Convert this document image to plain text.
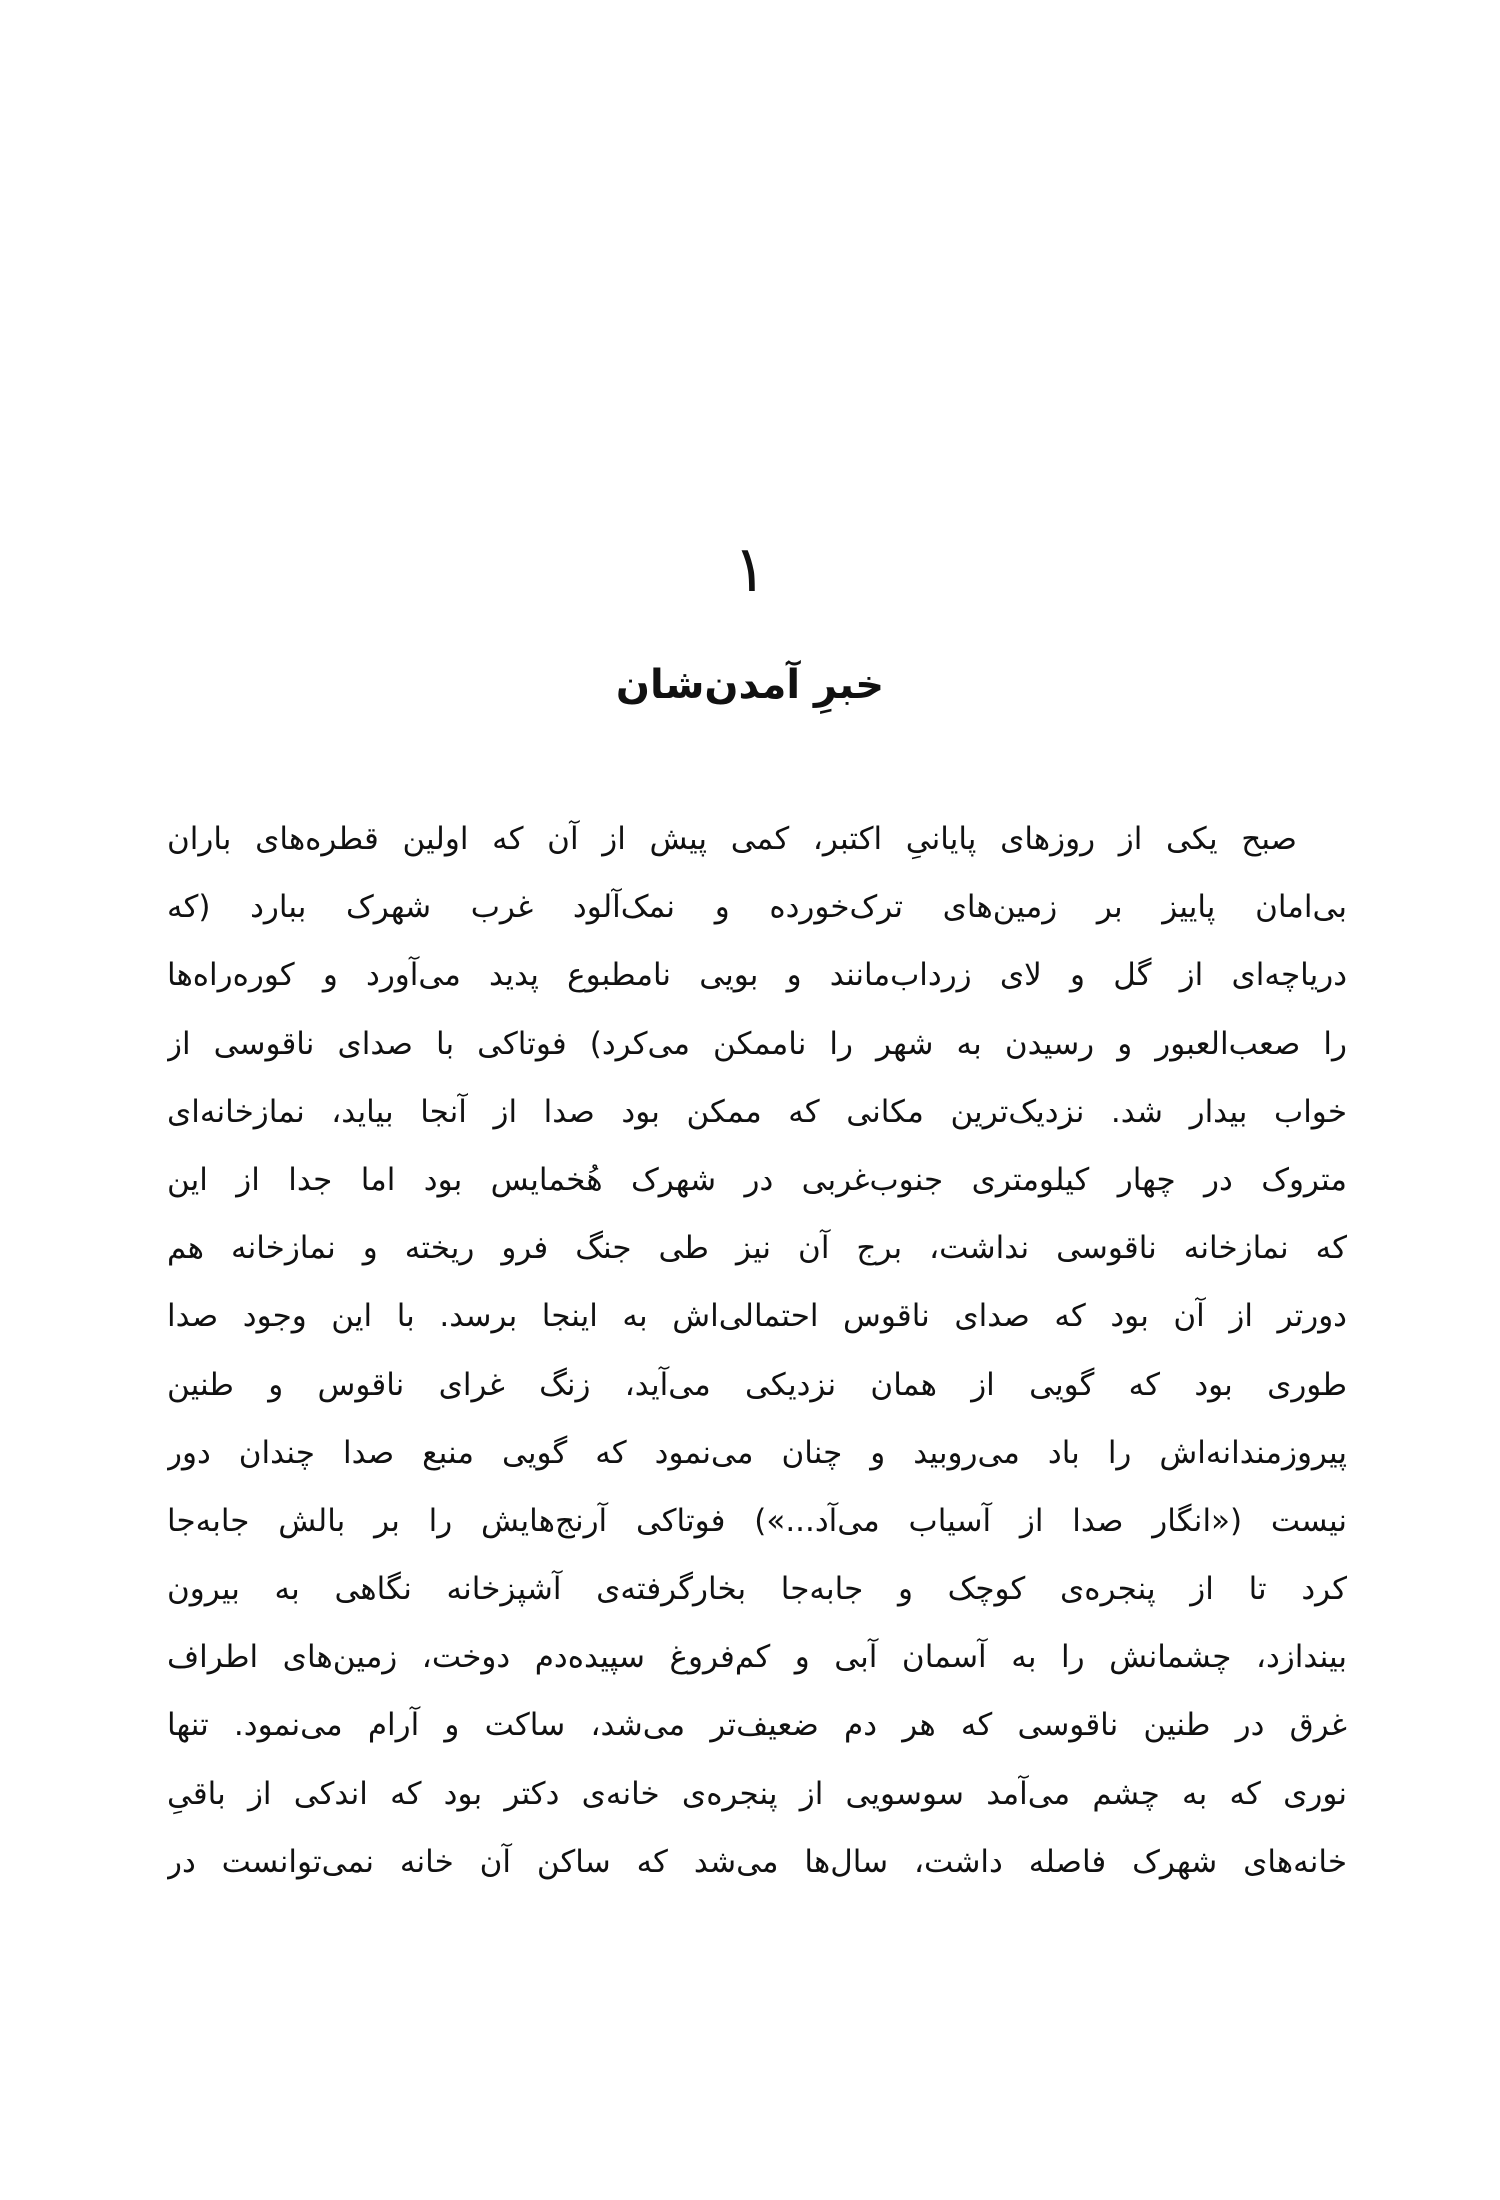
۱
خبرِ آمدن‌شان
صبح یکی از روزهای پایانیِ اکتبر، کمی پیش از آن که اولین قطره‌های باران
بی‌امان پاییز بر زمین‌های ترک‌خورده و نمک‌آلود غرب شهرک ببارد (که
دریاچه‌ای از گل و لای زرداب‌مانند و بویی نامطبوع پدید می‌آورد و کوره‌راه‌ها
را صعب‌العبور و رسیدن به شهر را ناممکن می‌کرد) فوتاکی با صدای ناقوسی از
خواب بیدار شد. نزدیک‌ترین مکانی که ممکن بود صدا از آنجا بیاید، نمازخانه‌ای
متروک در چهار کیلومتری جنوب‌غربی در شهرک هُخمایس بود اما جدا از این
که نمازخانه ناقوسی نداشت، برج آن نیز طی جنگ فرو ریخته و نمازخانه هم
دورتر از آن بود که صدای ناقوس احتمالی‌اش به اینجا برسد. با این وجود صدا
طوری بود که گویی از همان نزدیکی می‌آید، زنگ غرای ناقوس و طنین
پیروزمندانه‌اش را باد می‌روبید و چنان می‌نمود که گویی منبع صدا چندان دور
نیست («انگار صدا از آسیاب می‌آد...») فوتاکی آرنج‌هایش را بر بالش جابه‌جا
کرد تا از پنجره‌ی کوچک و جابه‌جا بخارگرفته‌ی آشپزخانه نگاهی به بیرون
بیندازد، چشمانش را به آسمان آبی و کم‌فروغ سپیده‌دم دوخت، زمین‌های اطراف
غرق در طنین ناقوسی که هر دم ضعیف‌تر می‌شد، ساکت و آرام می‌نمود. تنها
نوری که به چشم می‌آمد سوسویی از پنجره‌ی خانه‌ی دکتر بود که اندکی از باقیِ
خانه‌های شهرک فاصله داشت، سال‌ها می‌شد که ساکن آن خانه نمی‌توانست در
